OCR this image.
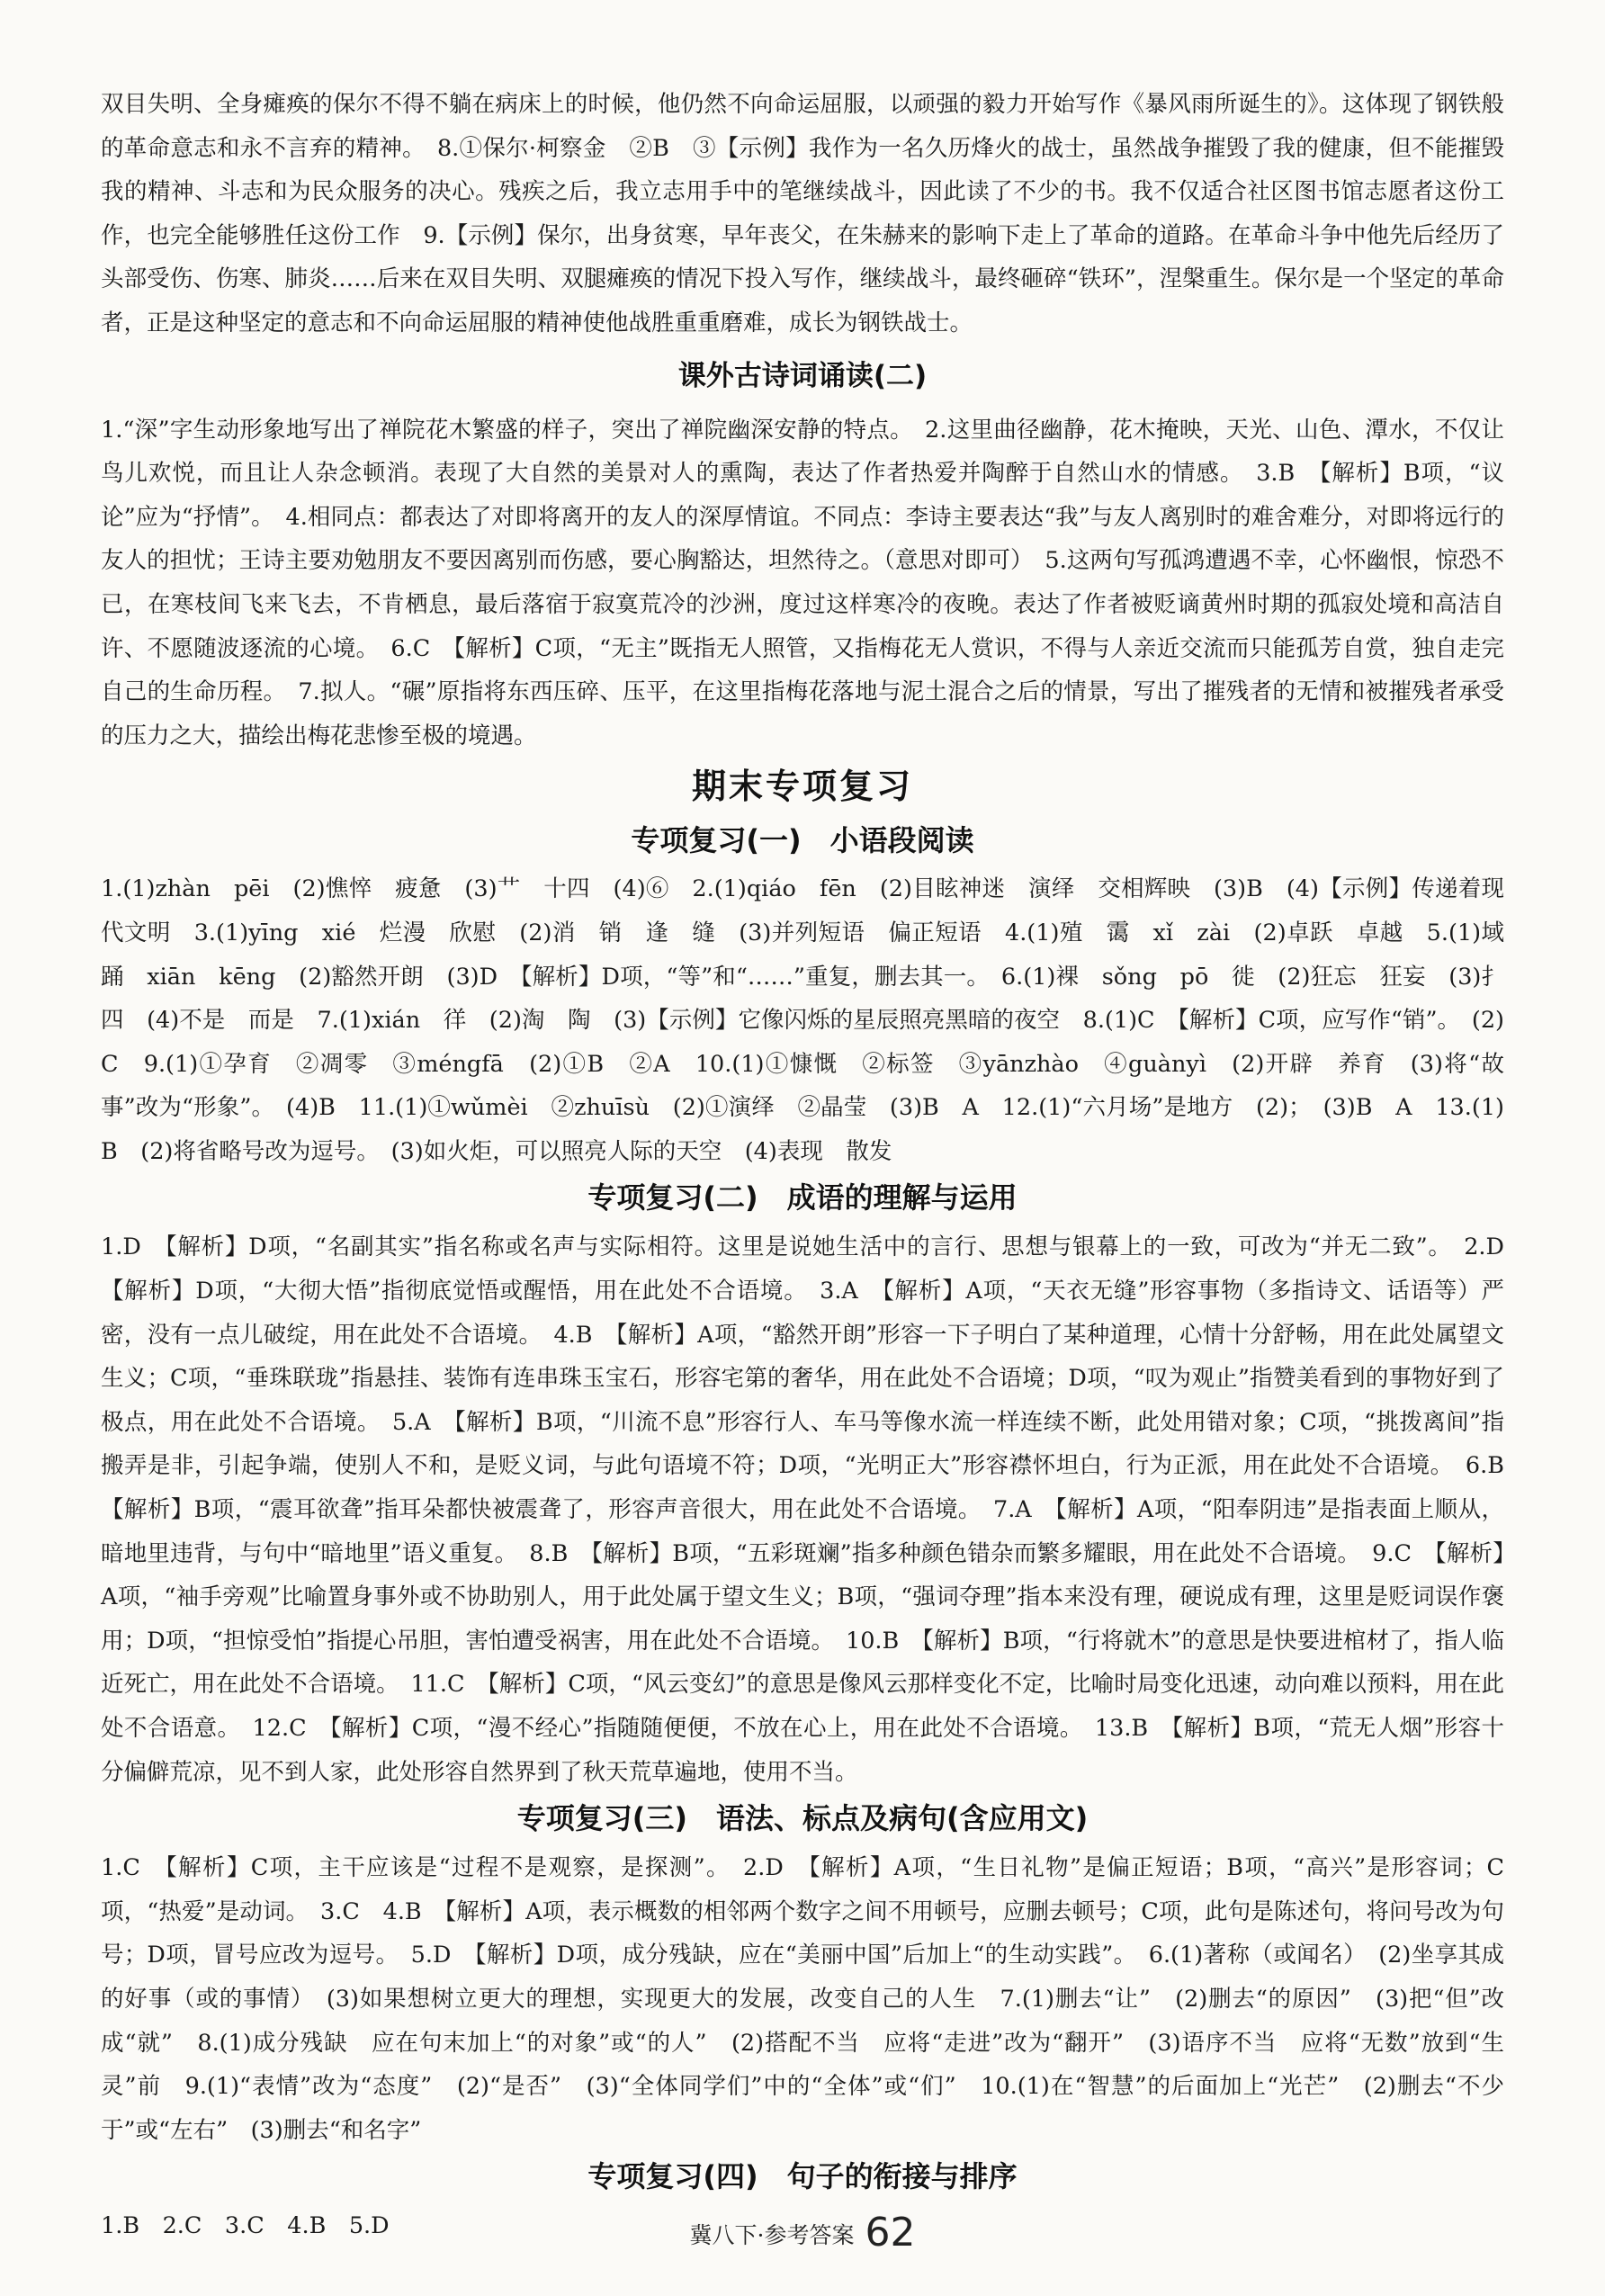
双目失明、全身瘫痪的保尔不得不躺在病床上的时候，他仍然不向命运屈服，以顽强的毅力开始写作《暴风雨所诞生的》。这体现了钢铁般的革命意志和永不言弃的精神。　8.①保尔·柯察金　②B　③【示例】我作为一名久历烽火的战士，虽然战争摧毁了我的健康，但不能摧毁我的精神、斗志和为民众服务的决心。残疾之后，我立志用手中的笔继续战斗，因此读了不少的书。我不仅适合社区图书馆志愿者这份工作，也完全能够胜任这份工作　9.【示例】保尔，出身贫寒，早年丧父，在朱赫来的影响下走上了革命的道路。在革命斗争中他先后经历了头部受伤、伤寒、肺炎……后来在双目失明、双腿瘫痪的情况下投入写作，继续战斗，最终砸碎“铁环”，涅槃重生。保尔是一个坚定的革命者，正是这种坚定的意志和不向命运屈服的精神使他战胜重重磨难，成长为钢铁战士。

课外古诗词诵读(二)

1.“深”字生动形象地写出了禅院花木繁盛的样子，突出了禅院幽深安静的特点。　2.这里曲径幽静，花木掩映，天光、山色、潭水，不仅让鸟儿欢悦，而且让人杂念顿消。表现了大自然的美景对人的熏陶，表达了作者热爱并陶醉于自然山水的情感。　3.B　【解析】B项，“议论”应为“抒情”。　4.相同点：都表达了对即将离开的友人的深厚情谊。不同点：李诗主要表达“我”与友人离别时的难舍难分，对即将远行的友人的担忧；王诗主要劝勉朋友不要因离别而伤感，要心胸豁达，坦然待之。（意思对即可）　5.这两句写孤鸿遭遇不幸，心怀幽恨，惊恐不已，在寒枝间飞来飞去，不肯栖息，最后落宿于寂寞荒冷的沙洲，度过这样寒冷的夜晚。表达了作者被贬谪黄州时期的孤寂处境和高洁自许、不愿随波逐流的心境。　6.C　【解析】C项，“无主”既指无人照管，又指梅花无人赏识，不得与人亲近交流而只能孤芳自赏，独自走完自己的生命历程。　7.拟人。“碾”原指将东西压碎、压平，在这里指梅花落地与泥土混合之后的情景，写出了摧残者的无情和被摧残者承受的压力之大，描绘出梅花悲惨至极的境遇。

期末专项复习
专项复习(一)　小语段阅读

1.(1)zhàn　pēi　(2)憔悴　疲惫　(3)艹　十四　(4)⑥　2.(1)qiáo　fēn　(2)目眩神迷　演绎　交相辉映　(3)B　(4)【示例】传递着现代文明　3.(1)yīng　xié　烂漫　欣慰　(2)消　销　逢　缝　(3)并列短语　偏正短语　4.(1)殖　霭　xǐ　zài　(2)卓跃　卓越　5.(1)域　踊　xiān　kēng　(2)豁然开朗　(3)D　【解析】D项，“等”和“……”重复，删去其一。　6.(1)裸　sǒng　pō　徙　(2)狂忘　狂妄　(3)扌　四　(4)不是　而是　7.(1)xián　徉　(2)淘　陶　(3)【示例】它像闪烁的星辰照亮黑暗的夜空　8.(1)C　【解析】C项，应写作“销”。　(2)C　9.(1)①孕育　②凋零　③méngfā　(2)①B　②A　10.(1)①慷慨　②标签　③yānzhào　④guànyì　(2)开辟　养育　(3)将“故事”改为“形象”。　(4)B　11.(1)①wǔmèi　②zhuīsù　(2)①演绎　②晶莹　(3)B　A　12.(1)“六月场”是地方　(2)；　(3)B　A　13.(1)B　(2)将省略号改为逗号。　(3)如火炬，可以照亮人际的天空　(4)表现　散发

专项复习(二)　成语的理解与运用

1.D　【解析】D项，“名副其实”指名称或名声与实际相符。这里是说她生活中的言行、思想与银幕上的一致，可改为“并无二致”。　2.D　【解析】D项，“大彻大悟”指彻底觉悟或醒悟，用在此处不合语境。　3.A　【解析】A项，“天衣无缝”形容事物（多指诗文、话语等）严密，没有一点儿破绽，用在此处不合语境。　4.B　【解析】A项，“豁然开朗”形容一下子明白了某种道理，心情十分舒畅，用在此处属望文生义；C项，“垂珠联珑”指悬挂、装饰有连串珠玉宝石，形容宅第的奢华，用在此处不合语境；D项，“叹为观止”指赞美看到的事物好到了极点，用在此处不合语境。　5.A　【解析】B项，“川流不息”形容行人、车马等像水流一样连续不断，此处用错对象；C项，“挑拨离间”指搬弄是非，引起争端，使别人不和，是贬义词，与此句语境不符；D项，“光明正大”形容襟怀坦白，行为正派，用在此处不合语境。　6.B　【解析】B项，“震耳欲聋”指耳朵都快被震聋了，形容声音很大，用在此处不合语境。　7.A　【解析】A项，“阳奉阴违”是指表面上顺从，暗地里违背，与句中“暗地里”语义重复。　8.B　【解析】B项，“五彩斑斓”指多种颜色错杂而繁多耀眼，用在此处不合语境。　9.C　【解析】A项，“袖手旁观”比喻置身事外或不协助别人，用于此处属于望文生义；B项，“强词夺理”指本来没有理，硬说成有理，这里是贬词误作褒用；D项，“担惊受怕”指提心吊胆，害怕遭受祸害，用在此处不合语境。　10.B　【解析】B项，“行将就木”的意思是快要进棺材了，指人临近死亡，用在此处不合语境。　11.C　【解析】C项，“风云变幻”的意思是像风云那样变化不定，比喻时局变化迅速，动向难以预料，用在此处不合语意。　12.C　【解析】C项，“漫不经心”指随随便便，不放在心上，用在此处不合语境。　13.B　【解析】B项，“荒无人烟”形容十分偏僻荒凉，见不到人家，此处形容自然界到了秋天荒草遍地，使用不当。

专项复习(三)　语法、标点及病句(含应用文)

1.C　【解析】C项，主干应该是“过程不是观察，是探测”。　2.D　【解析】A项，“生日礼物”是偏正短语；B项，“高兴”是形容词；C项，“热爱”是动词。　3.C　4.B　【解析】A项，表示概数的相邻两个数字之间不用顿号，应删去顿号；C项，此句是陈述句，将问号改为句号；D项，冒号应改为逗号。　5.D　【解析】D项，成分残缺，应在“美丽中国”后加上“的生动实践”。　6.(1)著称（或闻名）　(2)坐享其成　的好事（或的事情）　(3)如果想树立更大的理想，实现更大的发展，改变自己的人生　7.(1)删去“让”　(2)删去“的原因”　(3)把“但”改成“就”　8.(1)成分残缺　应在句末加上“的对象”或“的人”　(2)搭配不当　应将“走进”改为“翻开”　(3)语序不当　应将“无数”放到“生灵”前　9.(1)“表情”改为“态度”　(2)“是否”　(3)“全体同学们”中的“全体”或“们”　10.(1)在“智慧”的后面加上“光芒”　(2)删去“不少于”或“左右”　(3)删去“和名字”

专项复习(四)　句子的衔接与排序

1.B　2.C　3.C　4.B　5.D	冀八下·参考答案 62
